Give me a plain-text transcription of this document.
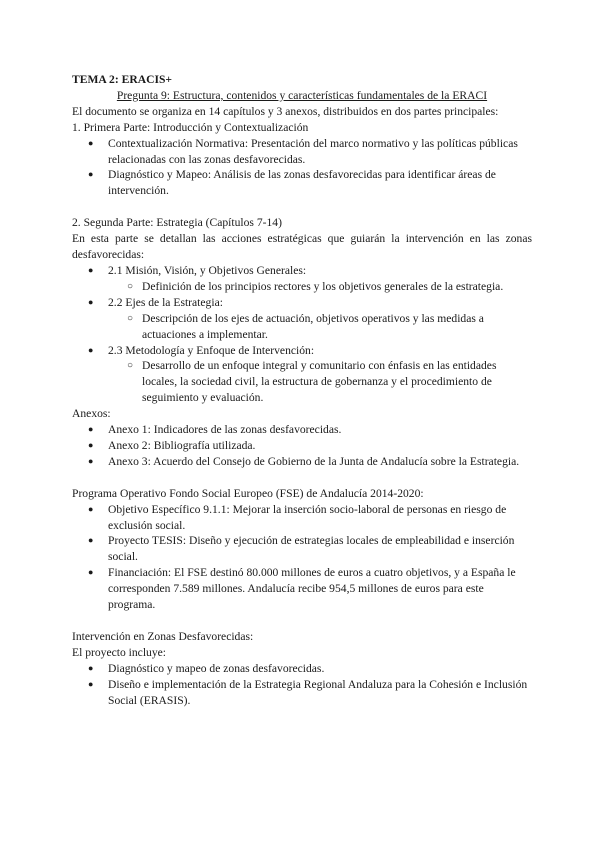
TEMA 2: ERACIS+

Pregunta 9: Estructura, contenidos y características fundamentales de la ERACI

El documento se organiza en 14 capítulos y 3 anexos, distribuidos en dos partes principales:

1. Primera Parte: Introducción y Contextualización

●
Contextualización Normativa: Presentación del marco normativo y las políticas públicas relacionadas con las zonas desfavorecidas.
●
Diagnóstico y Mapeo: Análisis de las zonas desfavorecidas para identificar áreas de intervención.

2. Segunda Parte: Estrategia (Capítulos 7-14)

En esta parte se detallan las acciones estratégicas que guiarán la intervención en las zonas desfavorecidas:

●
2.1 Misión, Visión, y Objetivos Generales:
○
Definición de los principios rectores y los objetivos generales de la estrategia.
●
2.2 Ejes de la Estrategia:
○
Descripción de los ejes de actuación, objetivos operativos y las medidas a actuaciones a implementar.
●
2.3 Metodología y Enfoque de Intervención:
○
Desarrollo de un enfoque integral y comunitario con énfasis en las entidades locales, la sociedad civil, la estructura de gobernanza y el procedimiento de seguimiento y evaluación.

Anexos:

●
Anexo 1: Indicadores de las zonas desfavorecidas.
●
Anexo 2: Bibliografía utilizada.
●
Anexo 3: Acuerdo del Consejo de Gobierno de la Junta de Andalucía sobre la Estrategia.

Programa Operativo Fondo Social Europeo (FSE) de Andalucía 2014-2020:

●
Objetivo Específico 9.1.1: Mejorar la inserción socio-laboral de personas en riesgo de exclusión social.
●
Proyecto TESIS: Diseño y ejecución de estrategias locales de empleabilidad e inserción social.
●
Financiación: El FSE destinó 80.000 millones de euros a cuatro objetivos, y a España le corresponden 7.589 millones. Andalucía recibe 954,5 millones de euros para este programa.

Intervención en Zonas Desfavorecidas:

El proyecto incluye:

●
Diagnóstico y mapeo de zonas desfavorecidas.
●
Diseño e implementación de la Estrategia Regional Andaluza para la Cohesión e Inclusión Social (ERASIS).
